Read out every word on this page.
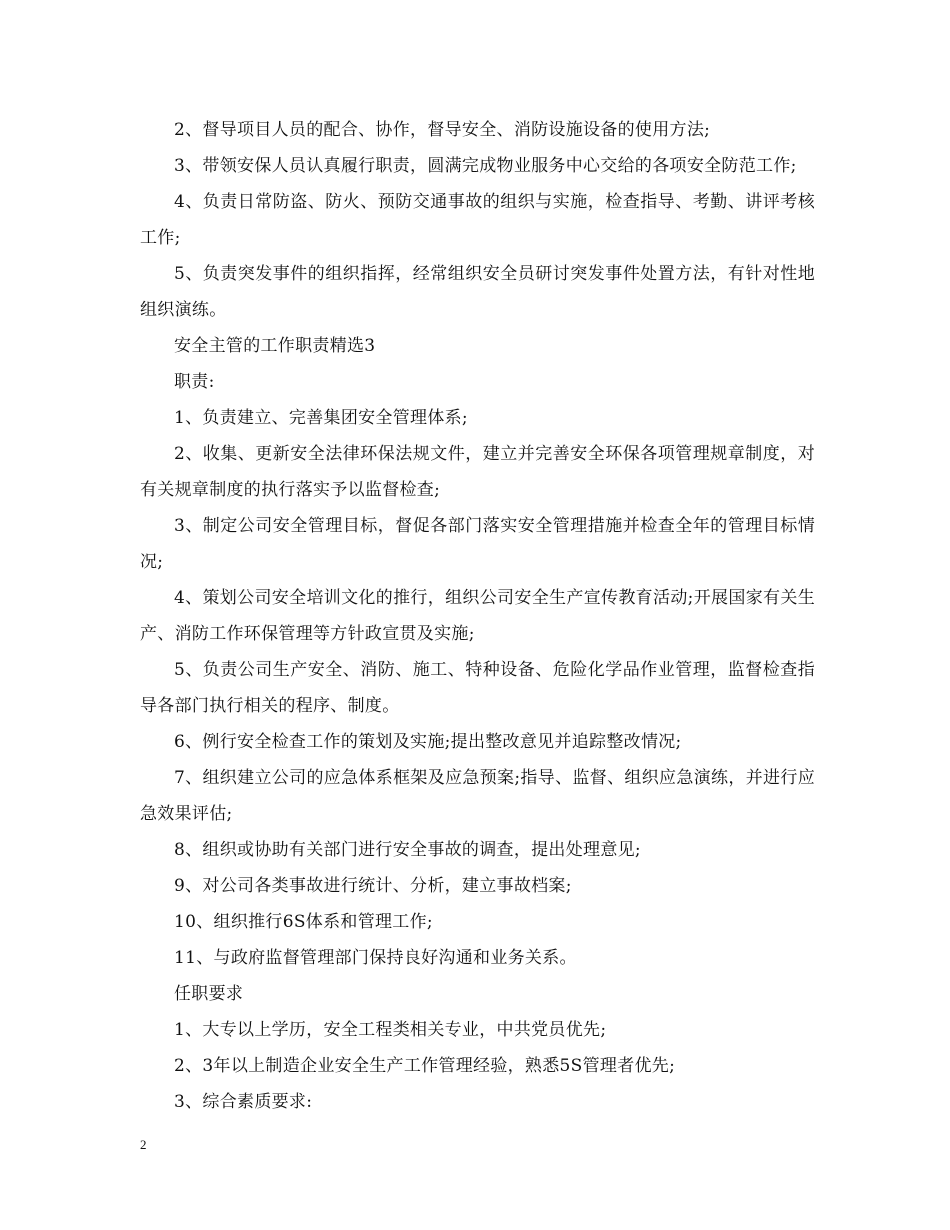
2、督导项目人员的配合、协作，督导安全、消防设施设备的使用方法;

3、带领安保人员认真履行职责，圆满完成物业服务中心交给的各项安全防范工作;

4、负责日常防盗、防火、预防交通事故的组织与实施，检查指导、考勤、讲评考核工作;

5、负责突发事件的组织指挥，经常组织安全员研讨突发事件处置方法，有针对性地组织演练。

安全主管的工作职责精选3

职责:

1、负责建立、完善集团安全管理体系;

2、收集、更新安全法律环保法规文件，建立并完善安全环保各项管理规章制度，对有关规章制度的执行落实予以监督检查;

3、制定公司安全管理目标，督促各部门落实安全管理措施并检查全年的管理目标情况;

4、策划公司安全培训文化的推行，组织公司安全生产宣传教育活动;开展国家有关生产、消防工作环保管理等方针政宣贯及实施;

5、负责公司生产安全、消防、施工、特种设备、危险化学品作业管理，监督检查指导各部门执行相关的程序、制度。

6、例行安全检查工作的策划及实施;提出整改意见并追踪整改情况;

7、组织建立公司的应急体系框架及应急预案;指导、监督、组织应急演练，并进行应急效果评估;

8、组织或协助有关部门进行安全事故的调查，提出处理意见;

9、对公司各类事故进行统计、分析，建立事故档案;

10、组织推行6S体系和管理工作;

11、与政府监督管理部门保持良好沟通和业务关系。

任职要求

1、大专以上学历，安全工程类相关专业，中共党员优先;

2、3年以上制造企业安全生产工作管理经验，熟悉5S管理者优先;

3、综合素质要求:

2
